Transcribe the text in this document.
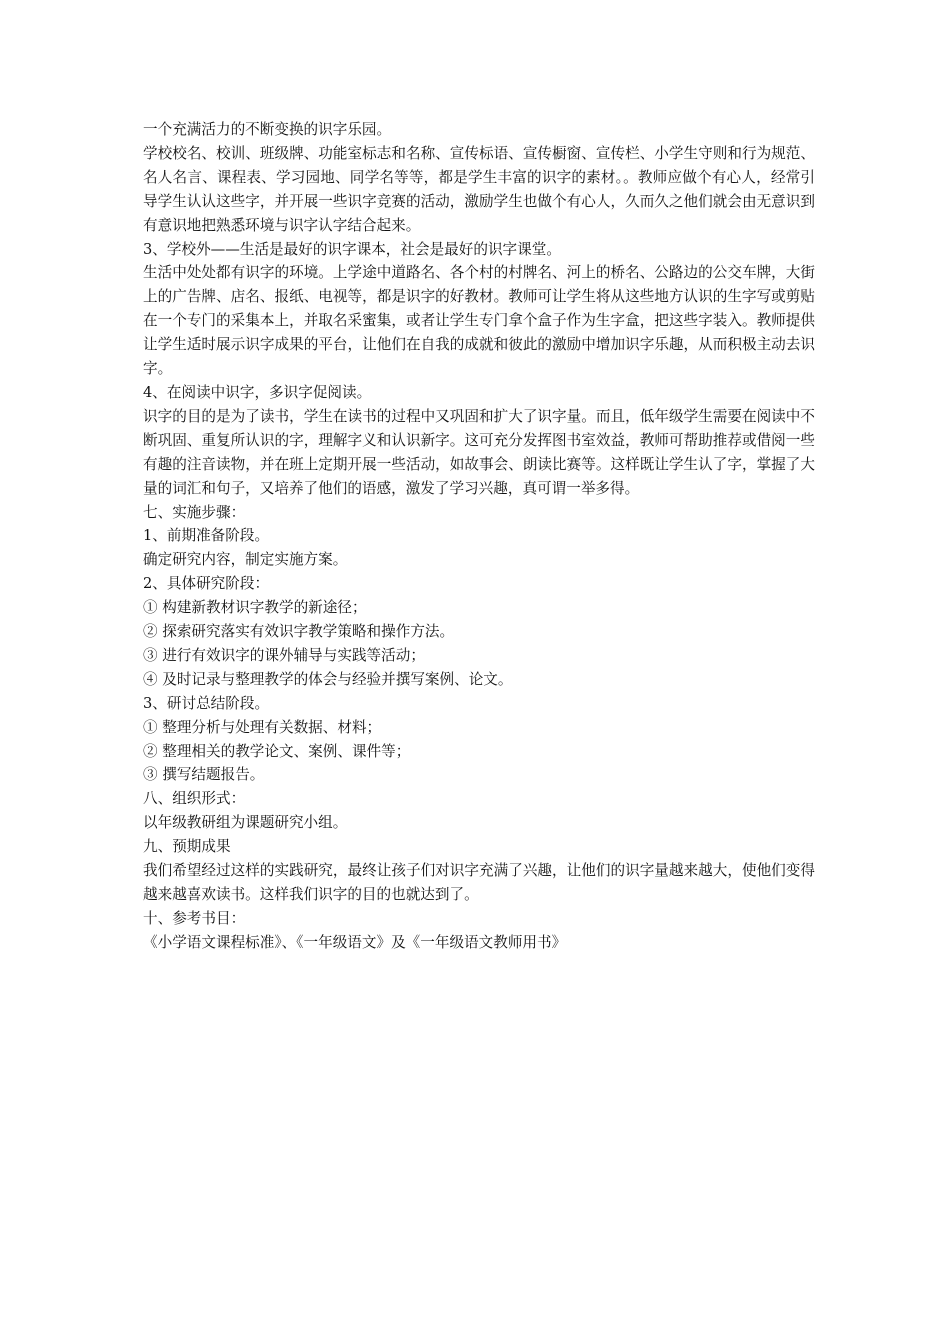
一个充满活力的不断变换的识字乐园。

学校校名、校训、班级牌、功能室标志和名称、宣传标语、宣传橱窗、宣传栏、小学生守则和行为规范、名人名言、课程表、学习园地、同学名等等，都是学生丰富的识字的素材。。教师应做个有心人，经常引导学生认认这些字，并开展一些识字竞赛的活动，激励学生也做个有心人，久而久之他们就会由无意识到有意识地把熟悉环境与识字认字结合起来。

3、学校外——生活是最好的识字课本，社会是最好的识字课堂。

生活中处处都有识字的环境。上学途中道路名、各个村的村牌名、河上的桥名、公路边的公交车牌，大街上的广告牌、店名、报纸、电视等，都是识字的好教材。教师可让学生将从这些地方认识的生字写或剪贴在一个专门的采集本上，并取名采蜜集，或者让学生专门拿个盒子作为生字盒，把这些字装入。教师提供让学生适时展示识字成果的平台，让他们在自我的成就和彼此的激励中增加识字乐趣，从而积极主动去识字。

4、在阅读中识字，多识字促阅读。

识字的目的是为了读书，学生在读书的过程中又巩固和扩大了识字量。而且，低年级学生需要在阅读中不断巩固、重复所认识的字，理解字义和认识新字。这可充分发挥图书室效益，教师可帮助推荐或借阅一些有趣的注音读物，并在班上定期开展一些活动，如故事会、朗读比赛等。这样既让学生认了字，掌握了大量的词汇和句子，又培养了他们的语感，激发了学习兴趣，真可谓一举多得。

七、实施步骤：

1、前期准备阶段。

确定研究内容，制定实施方案。

2、具体研究阶段：

① 构建新教材识字教学的新途径；

② 探索研究落实有效识字教学策略和操作方法。

③ 进行有效识字的课外辅导与实践等活动；

④ 及时记录与整理教学的体会与经验并撰写案例、论文。

3、研讨总结阶段。

① 整理分析与处理有关数据、材料；

② 整理相关的教学论文、案例、课件等；

③ 撰写结题报告。

八、组织形式：

以年级教研组为课题研究小组。

九、预期成果

我们希望经过这样的实践研究，最终让孩子们对识字充满了兴趣，让他们的识字量越来越大，使他们变得越来越喜欢读书。这样我们识字的目的也就达到了。

十、参考书目：

《小学语文课程标准》、《一年级语文》及《一年级语文教师用书》
